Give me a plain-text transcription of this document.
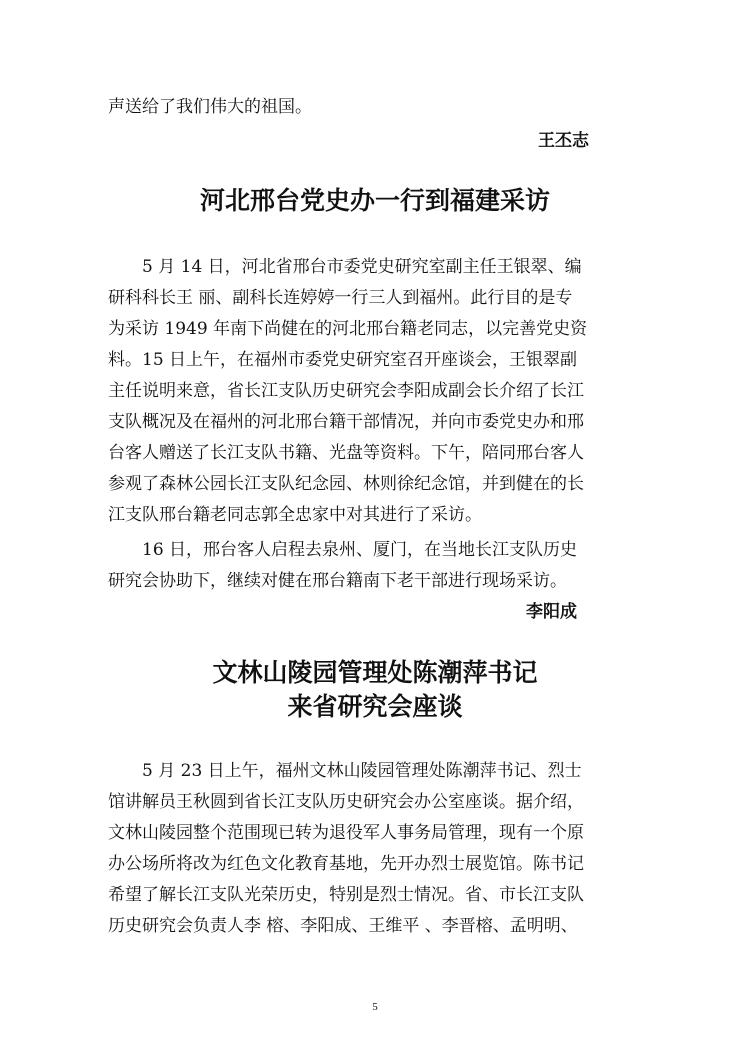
声送给了我们伟大的祖国。
王丕志
河北邢台党史办一行到福建采访
5 月 14 日，河北省邢台市委党史研究室副主任王银翠、编
研科科长王 丽、副科长连婷婷一行三人到福州。此行目的是专
为采访 1949 年南下尚健在的河北邢台籍老同志，以完善党史资
料。15 日上午，在福州市委党史研究室召开座谈会，王银翠副
主任说明来意，省长江支队历史研究会李阳成副会长介绍了长江
支队概况及在福州的河北邢台籍干部情况，并向市委党史办和邢
台客人赠送了长江支队书籍、光盘等资料。下午，陪同邢台客人
参观了森林公园长江支队纪念园、林则徐纪念馆，并到健在的长
江支队邢台籍老同志郭全忠家中对其进行了采访。
16 日，邢台客人启程去泉州、厦门，在当地长江支队历史
研究会协助下，继续对健在邢台籍南下老干部进行现场采访。
李阳成
文林山陵园管理处陈潮萍书记
来省研究会座谈
5 月 23 日上午，福州文林山陵园管理处陈潮萍书记、烈士
馆讲解员王秋圆到省长江支队历史研究会办公室座谈。据介绍，
文林山陵园整个范围现已转为退役军人事务局管理，现有一个原
办公场所将改为红色文化教育基地，先开办烈士展览馆。陈书记
希望了解长江支队光荣历史，特别是烈士情况。省、市长江支队
历史研究会负责人李 榕、李阳成、王维平 、李晋榕、孟明明、
5
